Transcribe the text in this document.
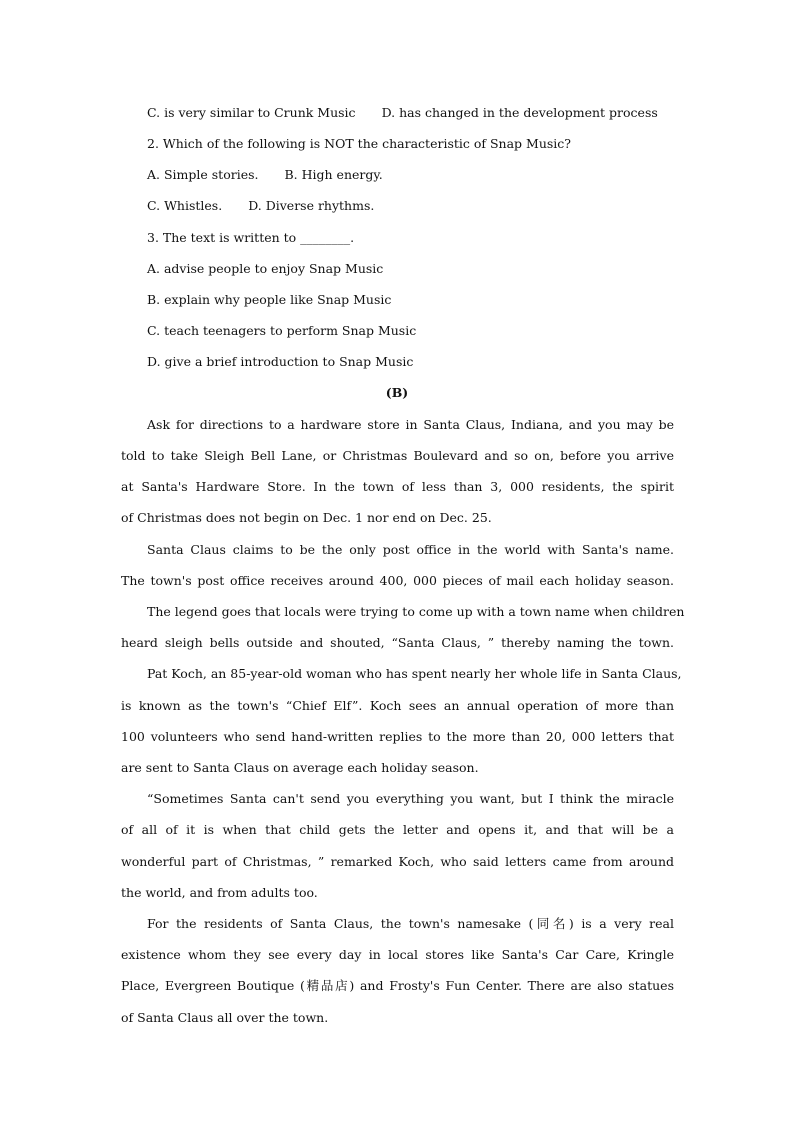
C. is very similar to Crunk Music D. has changed in the development process
2. Which of the following is NOT the characteristic of Snap Music?
A. Simple stories. B. High energy.
C. Whistles. D. Diverse rhythms.
3. The text is written to ________.
A. advise people to enjoy Snap Music
B. explain why people like Snap Music
C. teach teenagers to perform Snap Music
D. give a brief introduction to Snap Music
(B)
Ask for directions to a hardware store in Santa Claus, Indiana, and you may be
told to take Sleigh Bell Lane, or Christmas Boulevard and so on, before you arrive
at Santa's Hardware Store. In the town of less than 3, 000 residents, the spirit
of Christmas does not begin on Dec. 1 nor end on Dec. 25.
Santa Claus claims to be the only post office in the world with Santa's name.
The town's post office receives around 400, 000 pieces of mail each holiday season.
The legend goes that locals were trying to come up with a town name when children
heard sleigh bells outside and shouted, “Santa Claus, ” thereby naming the town.
Pat Koch, an 85-year-old woman who has spent nearly her whole life in Santa Claus,
is known as the town's “Chief Elf”. Koch sees an annual operation of more than
100 volunteers who send hand-written replies to the more than 20, 000 letters that
are sent to Santa Claus on average each holiday season.
“Sometimes Santa can't send you everything you want, but I think the miracle
of all of it is when that child gets the letter and opens it, and that will be a
wonderful part of Christmas, ” remarked Koch, who said letters came from around
the world, and from adults too.
For the residents of Santa Claus, the town's namesake (同名) is a very real
existence whom they see every day in local stores like Santa's Car Care, Kringle
Place, Evergreen Boutique (精品店) and Frosty's Fun Center. There are also statues
of Santa Claus all over the town.
